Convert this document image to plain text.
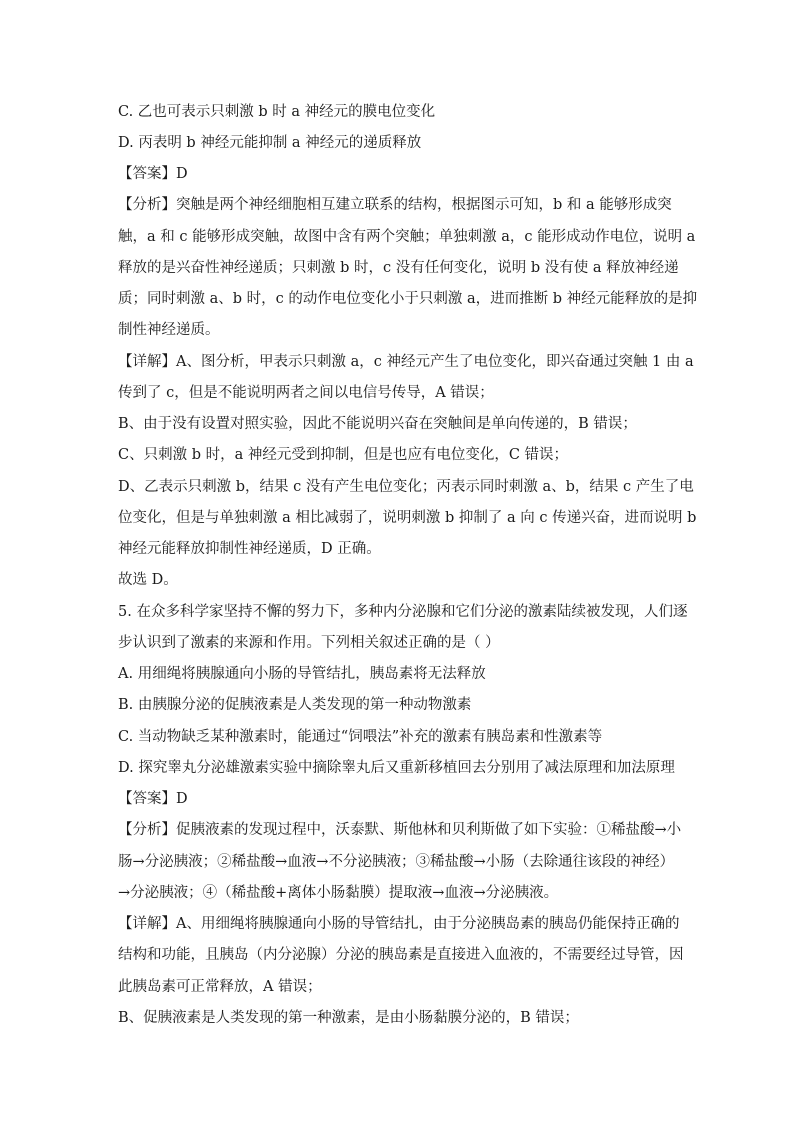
C. 乙也可表示只刺激 b 时 a 神经元的膜电位变化
D. 丙表明 b 神经元能抑制 a 神经元的递质释放
【答案】D
【分析】突触是两个神经细胞相互建立联系的结构，根据图示可知，b 和 a 能够形成突
触，a 和 c 能够形成突触，故图中含有两个突触；单独刺激 a，c 能形成动作电位，说明 a
释放的是兴奋性神经递质；只刺激 b 时，c 没有任何变化，说明 b 没有使 a 释放神经递
质；同时刺激 a、b 时，c 的动作电位变化小于只刺激 a，进而推断 b 神经元能释放的是抑
制性神经递质。
【详解】A、图分析，甲表示只刺激 a，c 神经元产生了电位变化，即兴奋通过突触 1 由 a
传到了 c，但是不能说明两者之间以电信号传导，A 错误；
B、由于没有设置对照实验，因此不能说明兴奋在突触间是单向传递的，B 错误；
C、只刺激 b 时，a 神经元受到抑制，但是也应有电位变化，C 错误；
D、乙表示只刺激 b，结果 c 没有产生电位变化；丙表示同时刺激 a、b，结果 c 产生了电
位变化，但是与单独刺激 a 相比减弱了，说明刺激 b 抑制了 a 向 c 传递兴奋，进而说明 b
神经元能释放抑制性神经递质，D 正确。
故选 D。
5. 在众多科学家坚持不懈的努力下，多种内分泌腺和它们分泌的激素陆续被发现，人们逐
步认识到了激素的来源和作用。下列相关叙述正确的是（ ）
A. 用细绳将胰腺通向小肠的导管结扎，胰岛素将无法释放
B. 由胰腺分泌的促胰液素是人类发现的第一种动物激素
C. 当动物缺乏某种激素时，能通过“饲喂法”补充的激素有胰岛素和性激素等
D. 探究睾丸分泌雄激素实验中摘除睾丸后又重新移植回去分别用了减法原理和加法原理
【答案】D
【分析】促胰液素的发现过程中，沃泰默、斯他林和贝利斯做了如下实验：①稀盐酸→小
肠→分泌胰液；②稀盐酸→血液→不分泌胰液；③稀盐酸→小肠（去除通往该段的神经）
→分泌胰液；④（稀盐酸+离体小肠黏膜）提取液→血液→分泌胰液。
【详解】A、用细绳将胰腺通向小肠的导管结扎，由于分泌胰岛素的胰岛仍能保持正确的
结构和功能，且胰岛（内分泌腺）分泌的胰岛素是直接进入血液的，不需要经过导管，因
此胰岛素可正常释放，A 错误；
B、促胰液素是人类发现的第一种激素，是由小肠黏膜分泌的，B 错误；
